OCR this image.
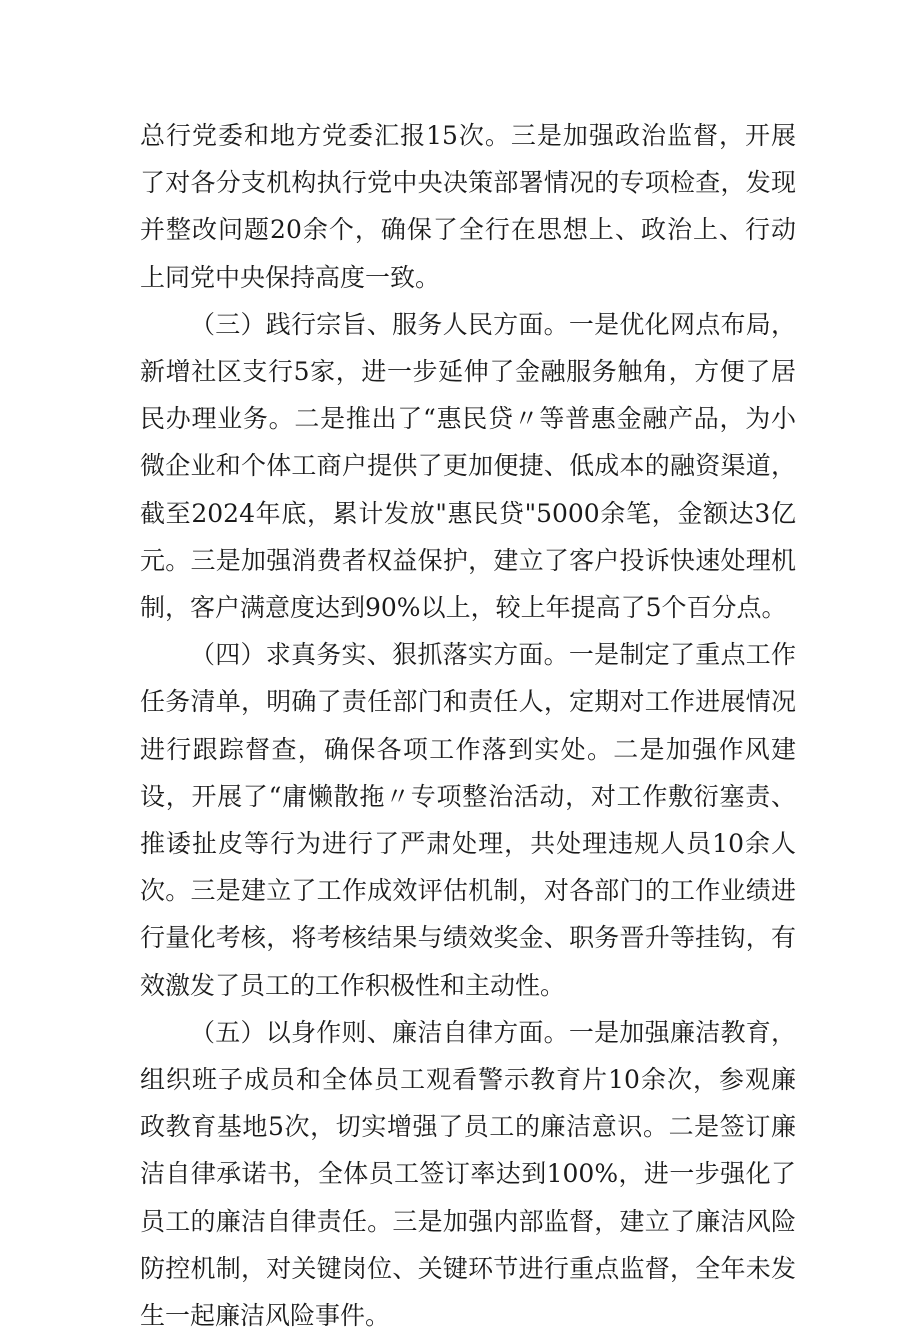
总行党委和地方党委汇报15次。三是加强政治监督，开展了对各分支机构执行党中央决策部署情况的专项检查，发现并整改问题20余个，确保了全行在思想上、政治上、行动上同党中央保持高度一致。

（三）践行宗旨、服务人民方面。一是优化网点布局，新增社区支行5家，进一步延伸了金融服务触角，方便了居民办理业务。二是推出了“惠民贷〃等普惠金融产品，为小微企业和个体工商户提供了更加便捷、低成本的融资渠道，截至2024年底，累计发放"惠民贷"5000余笔，金额达3亿元。三是加强消费者权益保护，建立了客户投诉快速处理机制，客户满意度达到90%以上，较上年提高了5个百分点。

（四）求真务实、狠抓落实方面。一是制定了重点工作任务清单，明确了责任部门和责任人，定期对工作进展情况进行跟踪督查，确保各项工作落到实处。二是加强作风建设，开展了“庸懒散拖〃专项整治活动，对工作敷衍塞责、推诿扯皮等行为进行了严肃处理，共处理违规人员10余人次。三是建立了工作成效评估机制，对各部门的工作业绩进行量化考核，将考核结果与绩效奖金、职务晋升等挂钩，有效激发了员工的工作积极性和主动性。

（五）以身作则、廉洁自律方面。一是加强廉洁教育，组织班子成员和全体员工观看警示教育片10余次，参观廉政教育基地5次，切实增强了员工的廉洁意识。二是签订廉洁自律承诺书，全体员工签订率达到100%，进一步强化了员工的廉洁自律责任。三是加强内部监督，建立了廉洁风险防控机制，对关键岗位、关键环节进行重点监督，全年未发生一起廉洁风险事件。
